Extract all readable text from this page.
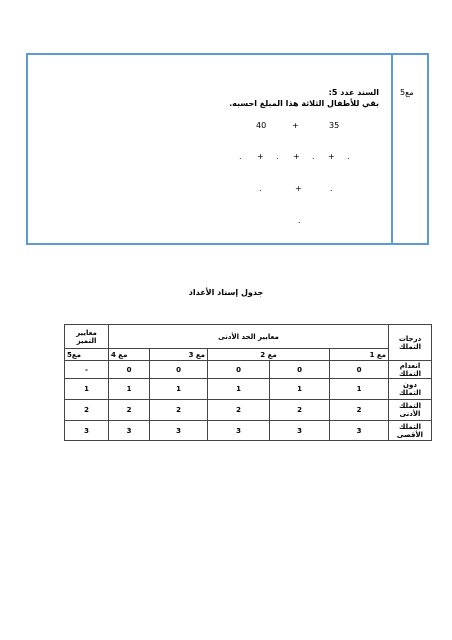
مع5
السند عدد 5:
بقي للأطفال الثلاثة هذا المبلغ احسبه.
40	+	35
. + . + . + .
.	+	.
.
جدول إسناد الأعداد
معايير التميز	معايير الحد الأدنى					درجات التملك
مع5	مع 4	مع 3	مع 2		مع 1	
-	0	0	0	0	0	انعدام التملك
1	1	1	1	1	1	دون التملك
2	2	2	2	2	2	التملك الأدنى
3	3	3	3	3	3	التملك الأقصى
